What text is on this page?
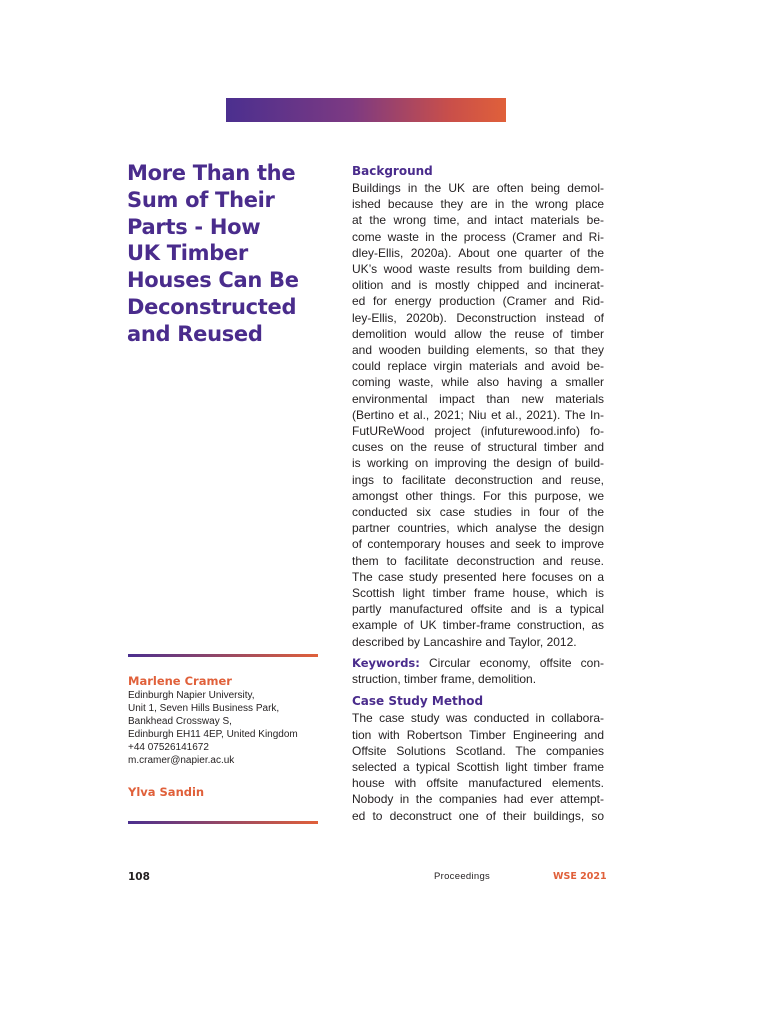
More Than the
Sum of Their
Parts - How
UK Timber
Houses Can Be
Deconstructed
and Reused
Marlene Cramer
Edinburgh Napier University,
Unit 1, Seven Hills Business Park,
Bankhead Crossway S,
Edinburgh EH11 4EP, United Kingdom
+44 07526141672
m.cramer@napier.ac.uk
Ylva Sandin
Background
Buildings in the UK are often being demol-
ished because they are in the wrong place
at the wrong time, and intact materials be-
come waste in the process (Cramer and Ri-
dley-Ellis, 2020a). About one quarter of the
UK’s wood waste results from building dem-
olition and is mostly chipped and incinerat-
ed for energy production (Cramer and Rid-
ley-Ellis, 2020b). Deconstruction instead of
demolition would allow the reuse of timber
and wooden building elements, so that they
could replace virgin materials and avoid be-
coming waste, while also having a smaller
environmental impact than new materials
(Bertino et al., 2021; Niu et al., 2021). The In-
FutUReWood project (infuturewood.info) fo-
cuses on the reuse of structural timber and
is working on improving the design of build-
ings to facilitate deconstruction and reuse,
amongst other things. For this purpose, we
conducted six case studies in four of the
partner countries, which analyse the design
of contemporary houses and seek to improve
them to facilitate deconstruction and reuse.
The case study presented here focuses on a
Scottish light timber frame house, which is
partly manufactured offsite and is a typical
example of UK timber-frame construction, as
described by Lancashire and Taylor, 2012.
Keywords: Circular economy, offsite con-
struction, timber frame, demolition.
Case Study Method
The case study was conducted in collabora-
tion with Robertson Timber Engineering and
Offsite Solutions Scotland. The companies
selected a typical Scottish light timber frame
house with offsite manufactured elements.
Nobody in the companies had ever attempt-
ed to deconstruct one of their buildings, so
108	Proceedings	WSE 2021
